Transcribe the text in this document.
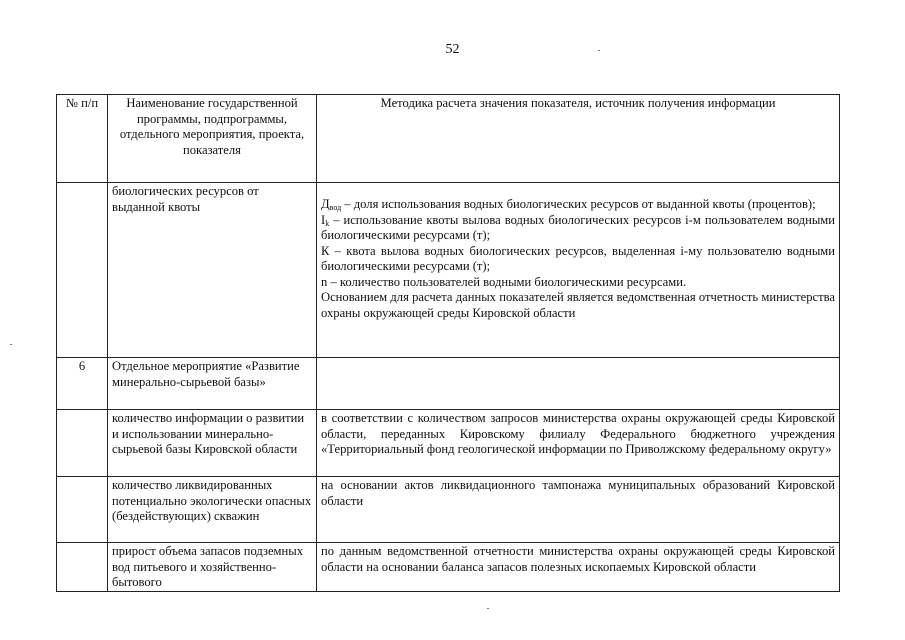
52
№ п/п	Наименование государственной программы, подпрограммы, отдельного мероприятия, проекта, показателя	Методика расчета значения показателя, источник получения информации
	биологических ресурсов от выданной квоты	$Д_{вод}$ – доля использования водных биологических ресурсов от выданной квоты (процентов);

$I_k$ – использование квоты вылова водных биологических ресурсов i-м пользователем водными биологическими ресурсами (т);

К – квота вылова водных биологических ресурсов, выделенная i-му пользователю водными биологическими ресурсами (т);

n – количество пользователей водными биологическими ресурсами.

Основанием для расчета данных показателей является ведомственная отчетность министерства охраны окружающей среды Кировской области

6	Отдельное мероприятие «Развитие минерально-сырьевой базы»	
	количество информации о развитии и использовании минерально-сырьевой базы Кировской области	в соответствии с количеством запросов министерства охраны окружающей среды Кировской области, переданных Кировскому филиалу Федерального бюджетного учреждения «Территориальный фонд геологической информации по Приволжскому федеральному округу»
	количество ликвидированных потенциально экологически опасных (бездействующих) скважин	на основании актов ликвидационного тампонажа муниципальных образований Кировской области
	прирост объема запасов подземных вод питьевого и хозяйственно-бытового	по данным ведомственной отчетности министерства охраны окружающей среды Кировской области на основании баланса запасов полезных ископаемых Кировской области
